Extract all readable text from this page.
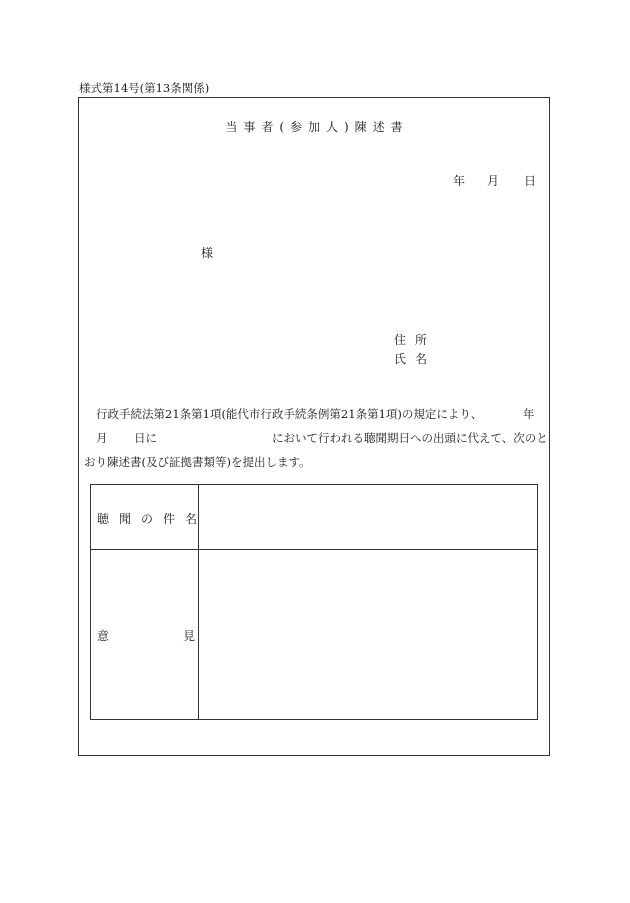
様式第14号(第13条関係)
当事者(参加人)陳述書
年 月 日
様
住所
氏名
行政手続法第21条第1項(能代市行政手続条例第21条第1項)の規定により、	年
月 日に	において行われる聴聞期日への出頭に代えて、次のと
おり陳述書(及び証拠書類等)を提出します。
聴聞の件名
意	見
